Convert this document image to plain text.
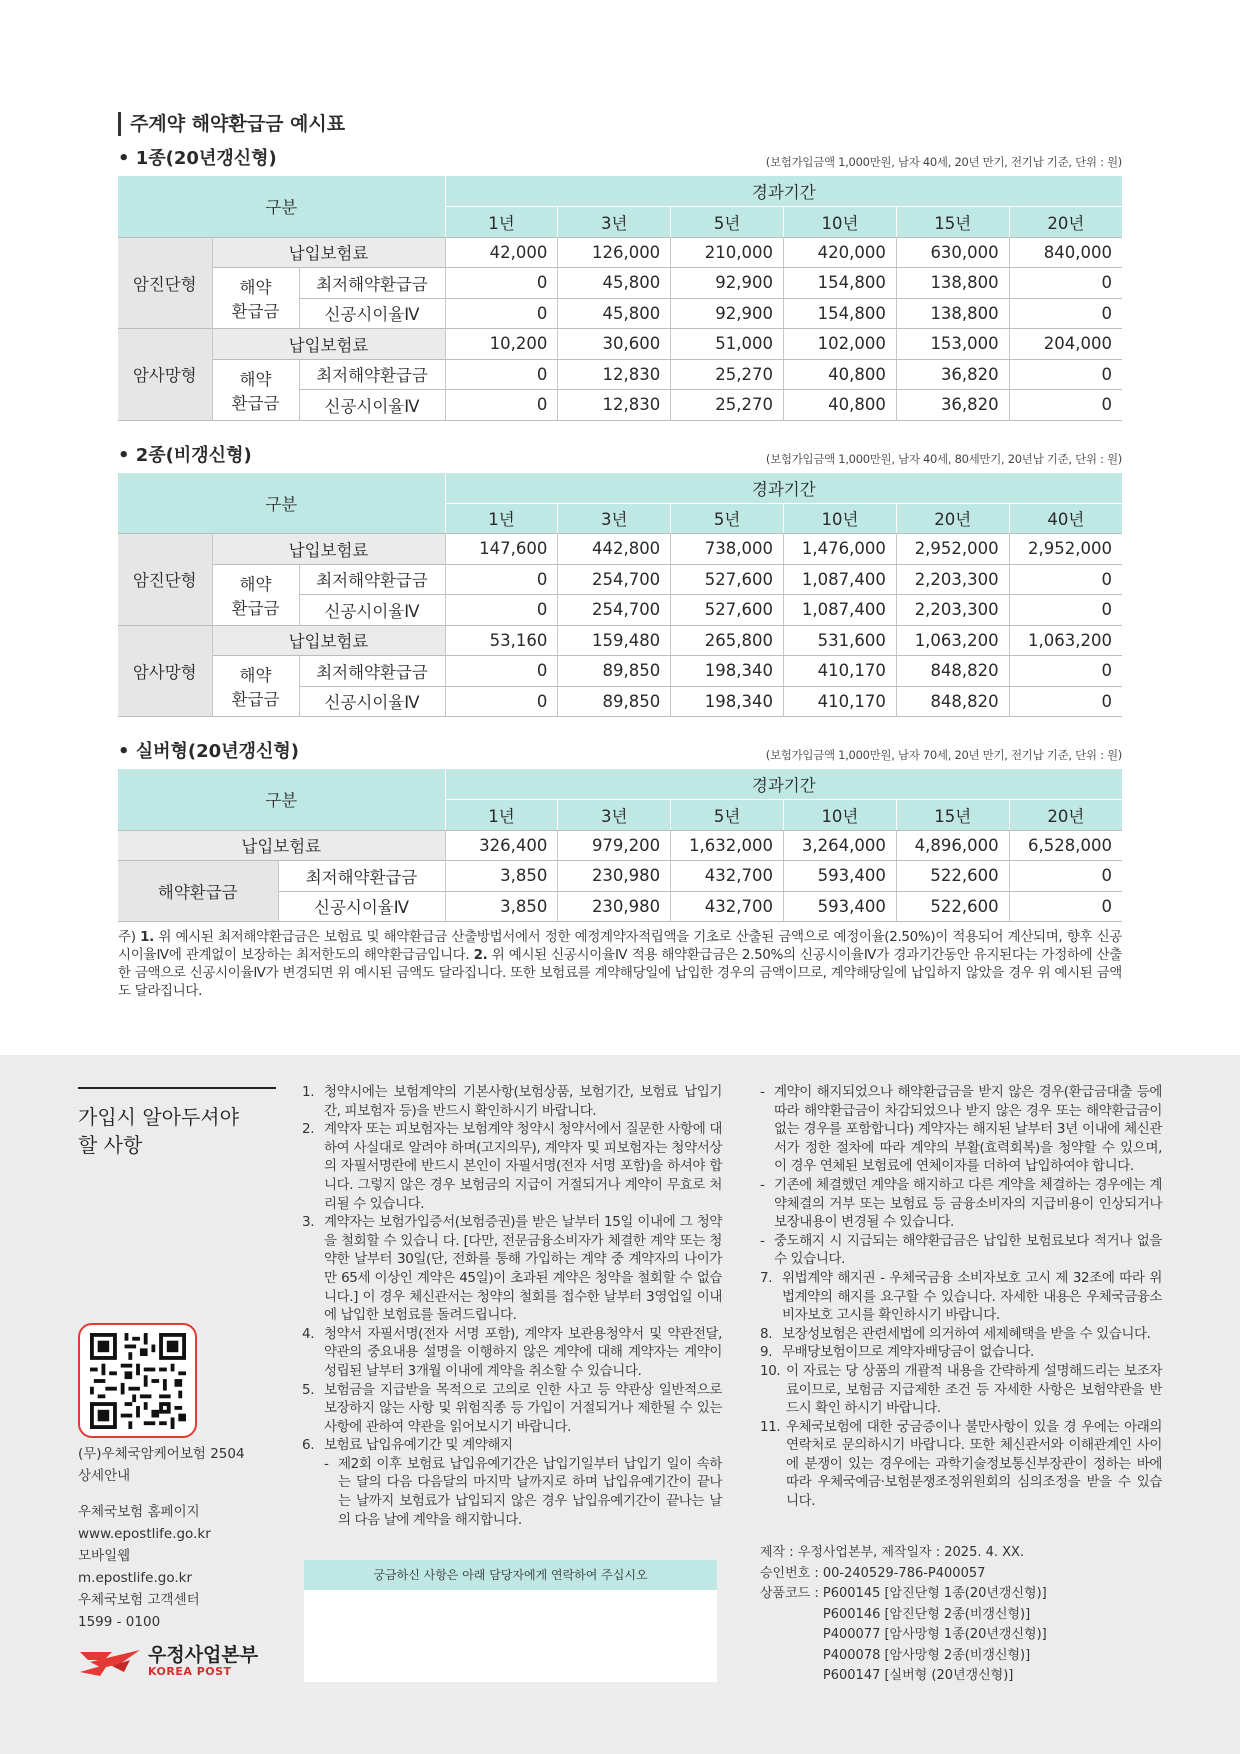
주계약 해약환급금 예시표
• 1종(20년갱신형)	(보험가입금액 1,000만원, 남자 40세, 20년 만기, 전기납 기준, 단위 : 원)
구분			경과기간					
			1년	3년	5년	10년	15년	20년
암진단형	납입보험료		42,000	126,000	210,000	420,000	630,000	840,000
	해약
환급금	최저해약환급금	0	45,800	92,900	154,800	138,800	0
		신공시이율Ⅳ	0	45,800	92,900	154,800	138,800	0
암사망형	납입보험료		10,200	30,600	51,000	102,000	153,000	204,000
	해약
환급금	최저해약환급금	0	12,830	25,270	40,800	36,820	0
		신공시이율Ⅳ	0	12,830	25,270	40,800	36,820	0
• 2종(비갱신형)	(보험가입금액 1,000만원, 남자 40세, 80세만기, 20년납 기준, 단위 : 원)
구분			경과기간					
			1년	3년	5년	10년	20년	40년
암진단형	납입보험료		147,600	442,800	738,000	1,476,000	2,952,000	2,952,000
	해약
환급금	최저해약환급금	0	254,700	527,600	1,087,400	2,203,300	0
		신공시이율Ⅳ	0	254,700	527,600	1,087,400	2,203,300	0
암사망형	납입보험료		53,160	159,480	265,800	531,600	1,063,200	1,063,200
	해약
환급금	최저해약환급금	0	89,850	198,340	410,170	848,820	0
		신공시이율Ⅳ	0	89,850	198,340	410,170	848,820	0
• 실버형(20년갱신형)	(보험가입금액 1,000만원, 남자 70세, 20년 만기, 전기납 기준, 단위 : 원)
구분		경과기간					
		1년	3년	5년	10년	15년	20년
납입보험료		326,400	979,200	1,632,000	3,264,000	4,896,000	6,528,000
해약환급금	최저해약환급금	3,850	230,980	432,700	593,400	522,600	0
	신공시이율Ⅳ	3,850	230,980	432,700	593,400	522,600	0
주) 1. 위 예시된 최저해약환급금은 보험료 및 해약환급금 산출방법서에서 정한 예정계약자적립액을 기초로 산출된 금액으로 예정이율(2.50%)이 적용되어 계산되며, 향후 신공시이율Ⅳ에 관계없이 보장하는 최저한도의 해약환급금입니다. 2. 위 예시된 신공시이율Ⅳ 적용 해약환급금은 2.50%의 신공시이율Ⅳ가 경과기간동안 유지된다는 가정하에 산출한 금액으로 신공시이율Ⅳ가 변경되면 위 예시된 금액도 달라집니다. 또한 보험료를 계약해당일에 납입한 경우의 금액이므로, 계약해당일에 납입하지 않았을 경우 위 예시된 금액도 달라집니다.
가입시 알아두셔야
할 사항
(무)우체국암케어보험 2504
상세안내
우체국보험 홈페이지
www.epostlife.go.kr
모바일웹
m.epostlife.go.kr
우체국보험 고객센터
1599 - 0100
우정사업본부
KOREA POST
1. 청약시에는 보험계약의 기본사항(보험상품, 보험기간, 보험료 납입기간, 피보험자 등)을 반드시 확인하시기 바랍니다.
2. 계약자 또는 피보험자는 보험계약 청약시 청약서에서 질문한 사항에 대하여 사실대로 알려야 하며(고지의무), 계약자 및 피보험자는 청약서상의 자필서명란에 반드시 본인이 자필서명(전자 서명 포함)을 하셔야 합니다. 그렇지 않은 경우 보험금의 지급이 거절되거나 계약이 무효로 처리될 수 있습니다.
3. 계약자는 보험가입증서(보험증권)를 받은 날부터 15일 이내에 그 청약을 철회할 수 있습니 다. [다만, 전문금융소비자가 체결한 계약 또는 청약한 날부터 30일(단, 전화를 통해 가입하는 계약 중 계약자의 나이가 만 65세 이상인 계약은 45일)이 초과된 계약은 청약을 철회할 수 없습니다.] 이 경우 체신관서는 청약의 철회를 접수한 날부터 3영업일 이내에 납입한 보험료를 돌려드립니다.
4. 청약서 자필서명(전자 서명 포함), 계약자 보관용청약서 및 약관전달, 약관의 중요내용 설명을 이행하지 않은 계약에 대해 계약자는 계약이 성립된 날부터 3개월 이내에 계약을 취소할 수 있습니다.
5. 보험금을 지급받을 목적으로 고의로 인한 사고 등 약관상 일반적으로 보장하지 않는 사항 및 위험직종 등 가입이 거절되거나 제한될 수 있는 사항에 관하여 약관을 읽어보시기 바랍니다.
6. 보험료 납입유예기간 및 계약해지
- 제2회 이후 보험료 납입유예기간은 납입기일부터 납입기 일이 속하는 달의 다음 다음달의 마지막 날까지로 하며 납입유예기간이 끝나는 날까지 보험료가 납입되지 않은 경우 납입유예기간이 끝나는 날의 다음 날에 계약을 해지합니다.
- 계약이 해지되었으나 해약환급금을 받지 않은 경우(환급금대출 등에 따라 해약환급금이 차감되었으나 받지 않은 경우 또는 해약환급금이 없는 경우를 포함합니다) 계약자는 해지된 날부터 3년 이내에 체신관서가 정한 절차에 따라 계약의 부활(효력회복)을 청약할 수 있으며, 이 경우 연체된 보험료에 연체이자를 더하여 납입하여야 합니다.
- 기존에 체결했던 계약을 해지하고 다른 계약을 체결하는 경우에는 계약체결의 거부 또는 보험료 등 금융소비자의 지급비용이 인상되거나 보장내용이 변경될 수 있습니다.
- 중도해지 시 지급되는 해약환급금은 납입한 보험료보다 적거나 없을 수 있습니다.
7. 위법계약 해지권 - 우체국금융 소비자보호 고시 제 32조에 따라 위법계약의 해지를 요구할 수 있습니다. 자세한 내용은 우체국금융소비자보호 고시를 확인하시기 바랍니다.
8. 보장성보험은 관련세법에 의거하여 세제혜택을 받을 수 있습니다.
9. 무배당보험이므로 계약자배당금이 없습니다.
10. 이 자료는 당 상품의 개괄적 내용을 간략하게 설명해드리는 보조자료이므로, 보험금 지급제한 조건 등 자세한 사항은 보험약관을 반드시 확인 하시기 바랍니다.
11. 우체국보험에 대한 궁금증이나 불만사항이 있을 경 우에는 아래의 연락처로 문의하시기 바랍니다. 또한 체신관서와 이해관계인 사이에 분쟁이 있는 경우에는 과학기술정보통신부장관이 정하는 바에 따라 우체국예금·보험분쟁조정위원회의 심의조정을 받을 수 있습니다.
궁금하신 사항은 아래 담당자에게 연락하여 주십시오
제작 : 우정사업본부, 제작일자 : 2025. 4. XX.
승인번호 : 00-240529-786-P400057
상품코드 : P600145 [암진단형 1종(20년갱신형)]
P600146 [암진단형 2종(비갱신형)]
P400077 [암사망형 1종(20년갱신형)]
P400078 [암사망형 2종(비갱신형)]
P600147 [실버형 (20년갱신형)]
